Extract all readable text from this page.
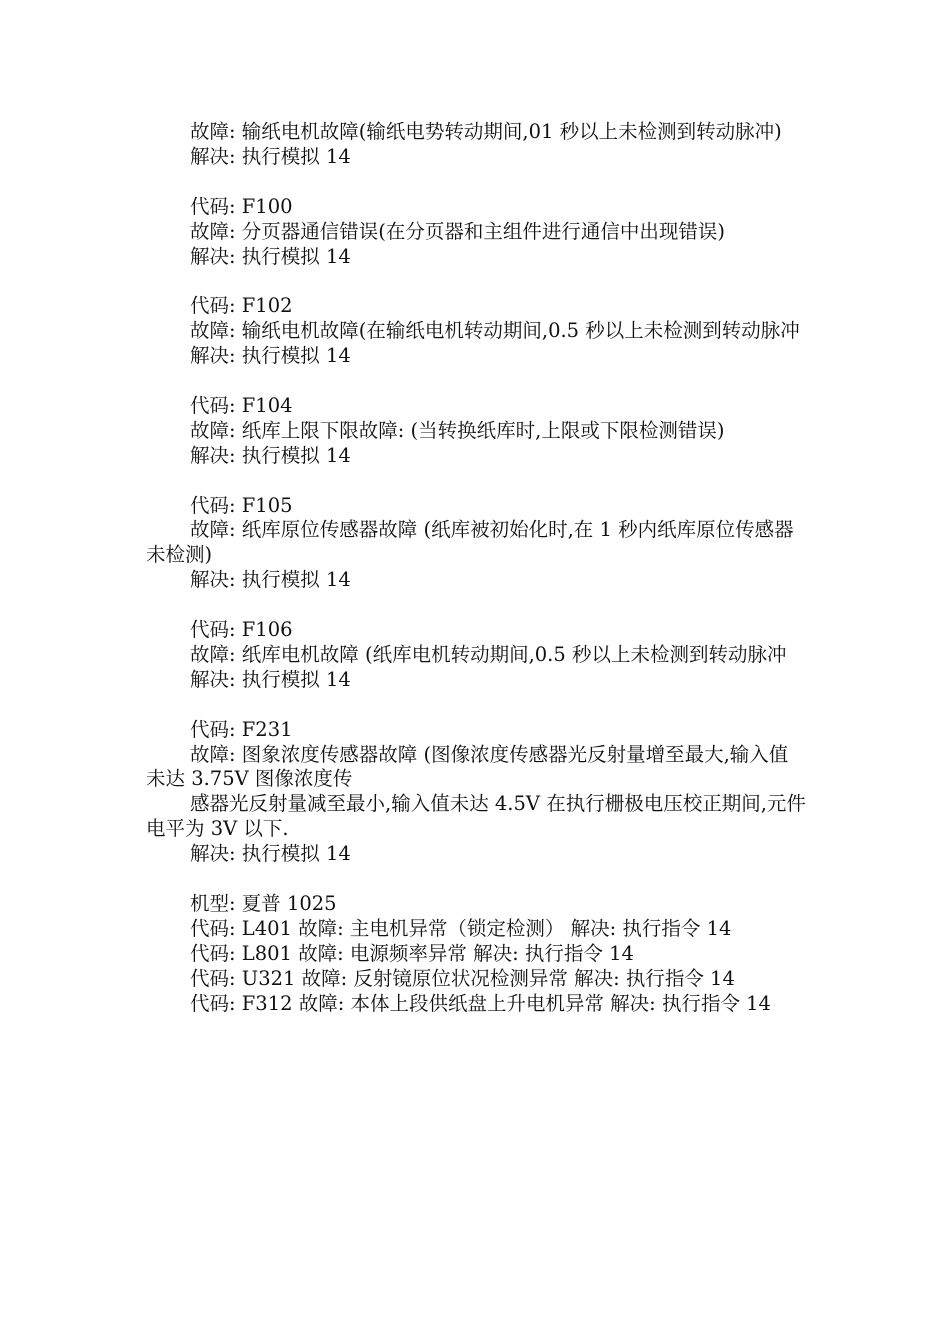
故障: 输纸电机故障(输纸电势转动期间,01 秒以上未检测到转动脉冲)

解决: 执行模拟 14

代码: F100

故障: 分页器通信错误(在分页器和主组件进行通信中出现错误)

解决: 执行模拟 14

代码: F102

故障: 输纸电机故障(在输纸电机转动期间,0.5 秒以上未检测到转动脉冲

解决: 执行模拟 14

代码: F104

故障: 纸库上限下限故障: (当转换纸库时,上限或下限检测错误)

解决: 执行模拟 14

代码: F105

故障: 纸库原位传感器故障 (纸库被初始化时,在 1 秒内纸库原位传感器未检测)

解决: 执行模拟 14

代码: F106

故障: 纸库电机故障 (纸库电机转动期间,0.5 秒以上未检测到转动脉冲

解决: 执行模拟 14

代码: F231

故障: 图象浓度传感器故障 (图像浓度传感器光反射量增至最大,输入值未达 3.75V 图像浓度传

感器光反射量减至最小,输入值未达 4.5V 在执行栅极电压校正期间,元件电平为 3V 以下.

解决: 执行模拟 14

机型: 夏普 1025

代码: L401 故障: 主电机异常（锁定检测） 解决: 执行指令 14

代码: L801 故障: 电源频率异常 解决: 执行指令 14

代码: U321 故障: 反射镜原位状况检测异常 解决: 执行指令 14

代码: F312 故障: 本体上段供纸盘上升电机异常 解决: 执行指令 14
